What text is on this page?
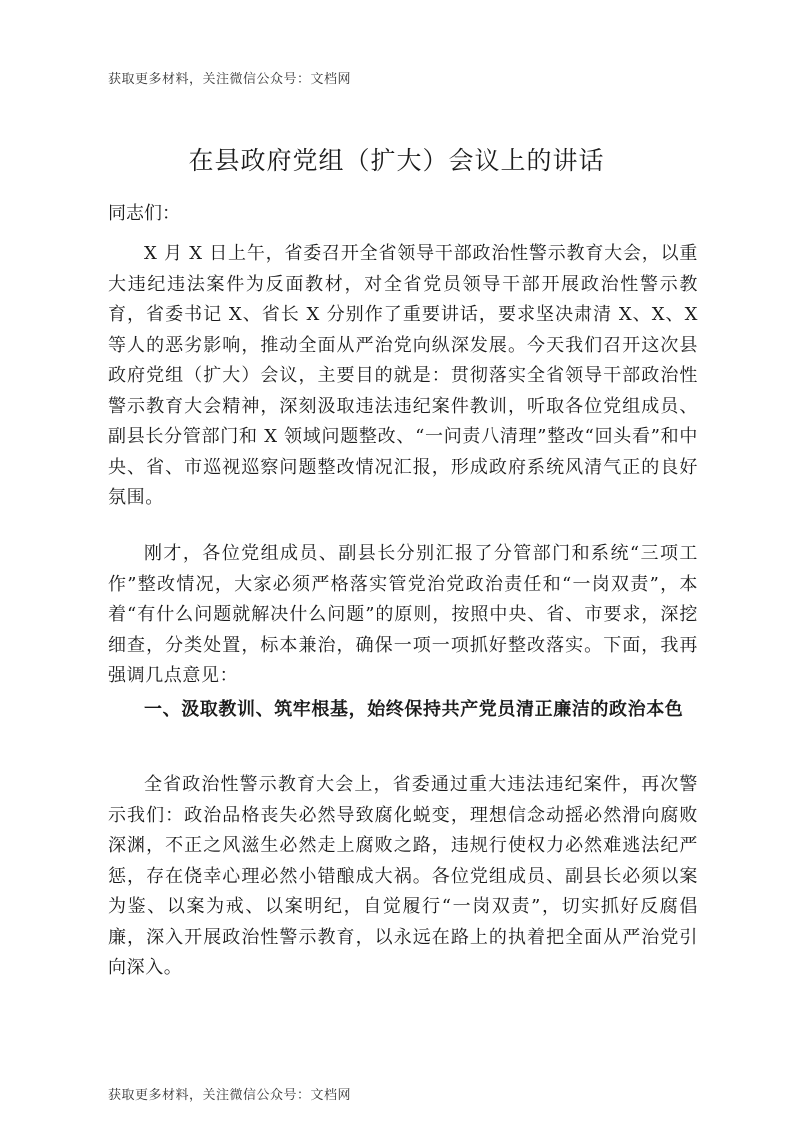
获取更多材料，关注微信公众号：文档网
在县政府党组（扩大）会议上的讲话
同志们：

X 月 X 日上午，省委召开全省领导干部政治性警示教育大会，以重大违纪违法案件为反面教材，对全省党员领导干部开展政治性警示教育，省委书记 X、省长 X 分别作了重要讲话，要求坚决肃清 X、X、X 等人的恶劣影响，推动全面从严治党向纵深发展。今天我们召开这次县政府党组（扩大）会议，主要目的就是：贯彻落实全省领导干部政治性警示教育大会精神，深刻汲取违法违纪案件教训，听取各位党组成员、副县长分管部门和 X 领域问题整改、“一问责八清理”整改“回头看”和中央、省、市巡视巡察问题整改情况汇报，形成政府系统风清气正的良好氛围。

刚才，各位党组成员、副县长分别汇报了分管部门和系统“三项工作”整改情况，大家必须严格落实管党治党政治责任和“一岗双责”，本着“有什么问题就解决什么问题”的原则，按照中央、省、市要求，深挖细查，分类处置，标本兼治，确保一项一项抓好整改落实。下面，我再强调几点意见：

一、汲取教训、筑牢根基，始终保持共产党员清正廉洁的政治本色

全省政治性警示教育大会上，省委通过重大违法违纪案件，再次警示我们：政治品格丧失必然导致腐化蜕变，理想信念动摇必然滑向腐败深渊，不正之风滋生必然走上腐败之路，违规行使权力必然难逃法纪严惩，存在侥幸心理必然小错酿成大祸。各位党组成员、副县长必须以案为鉴、以案为戒、以案明纪，自觉履行“一岗双责”，切实抓好反腐倡廉，深入开展政治性警示教育，以永远在路上的执着把全面从严治党引向深入。

获取更多材料，关注微信公众号：文档网
